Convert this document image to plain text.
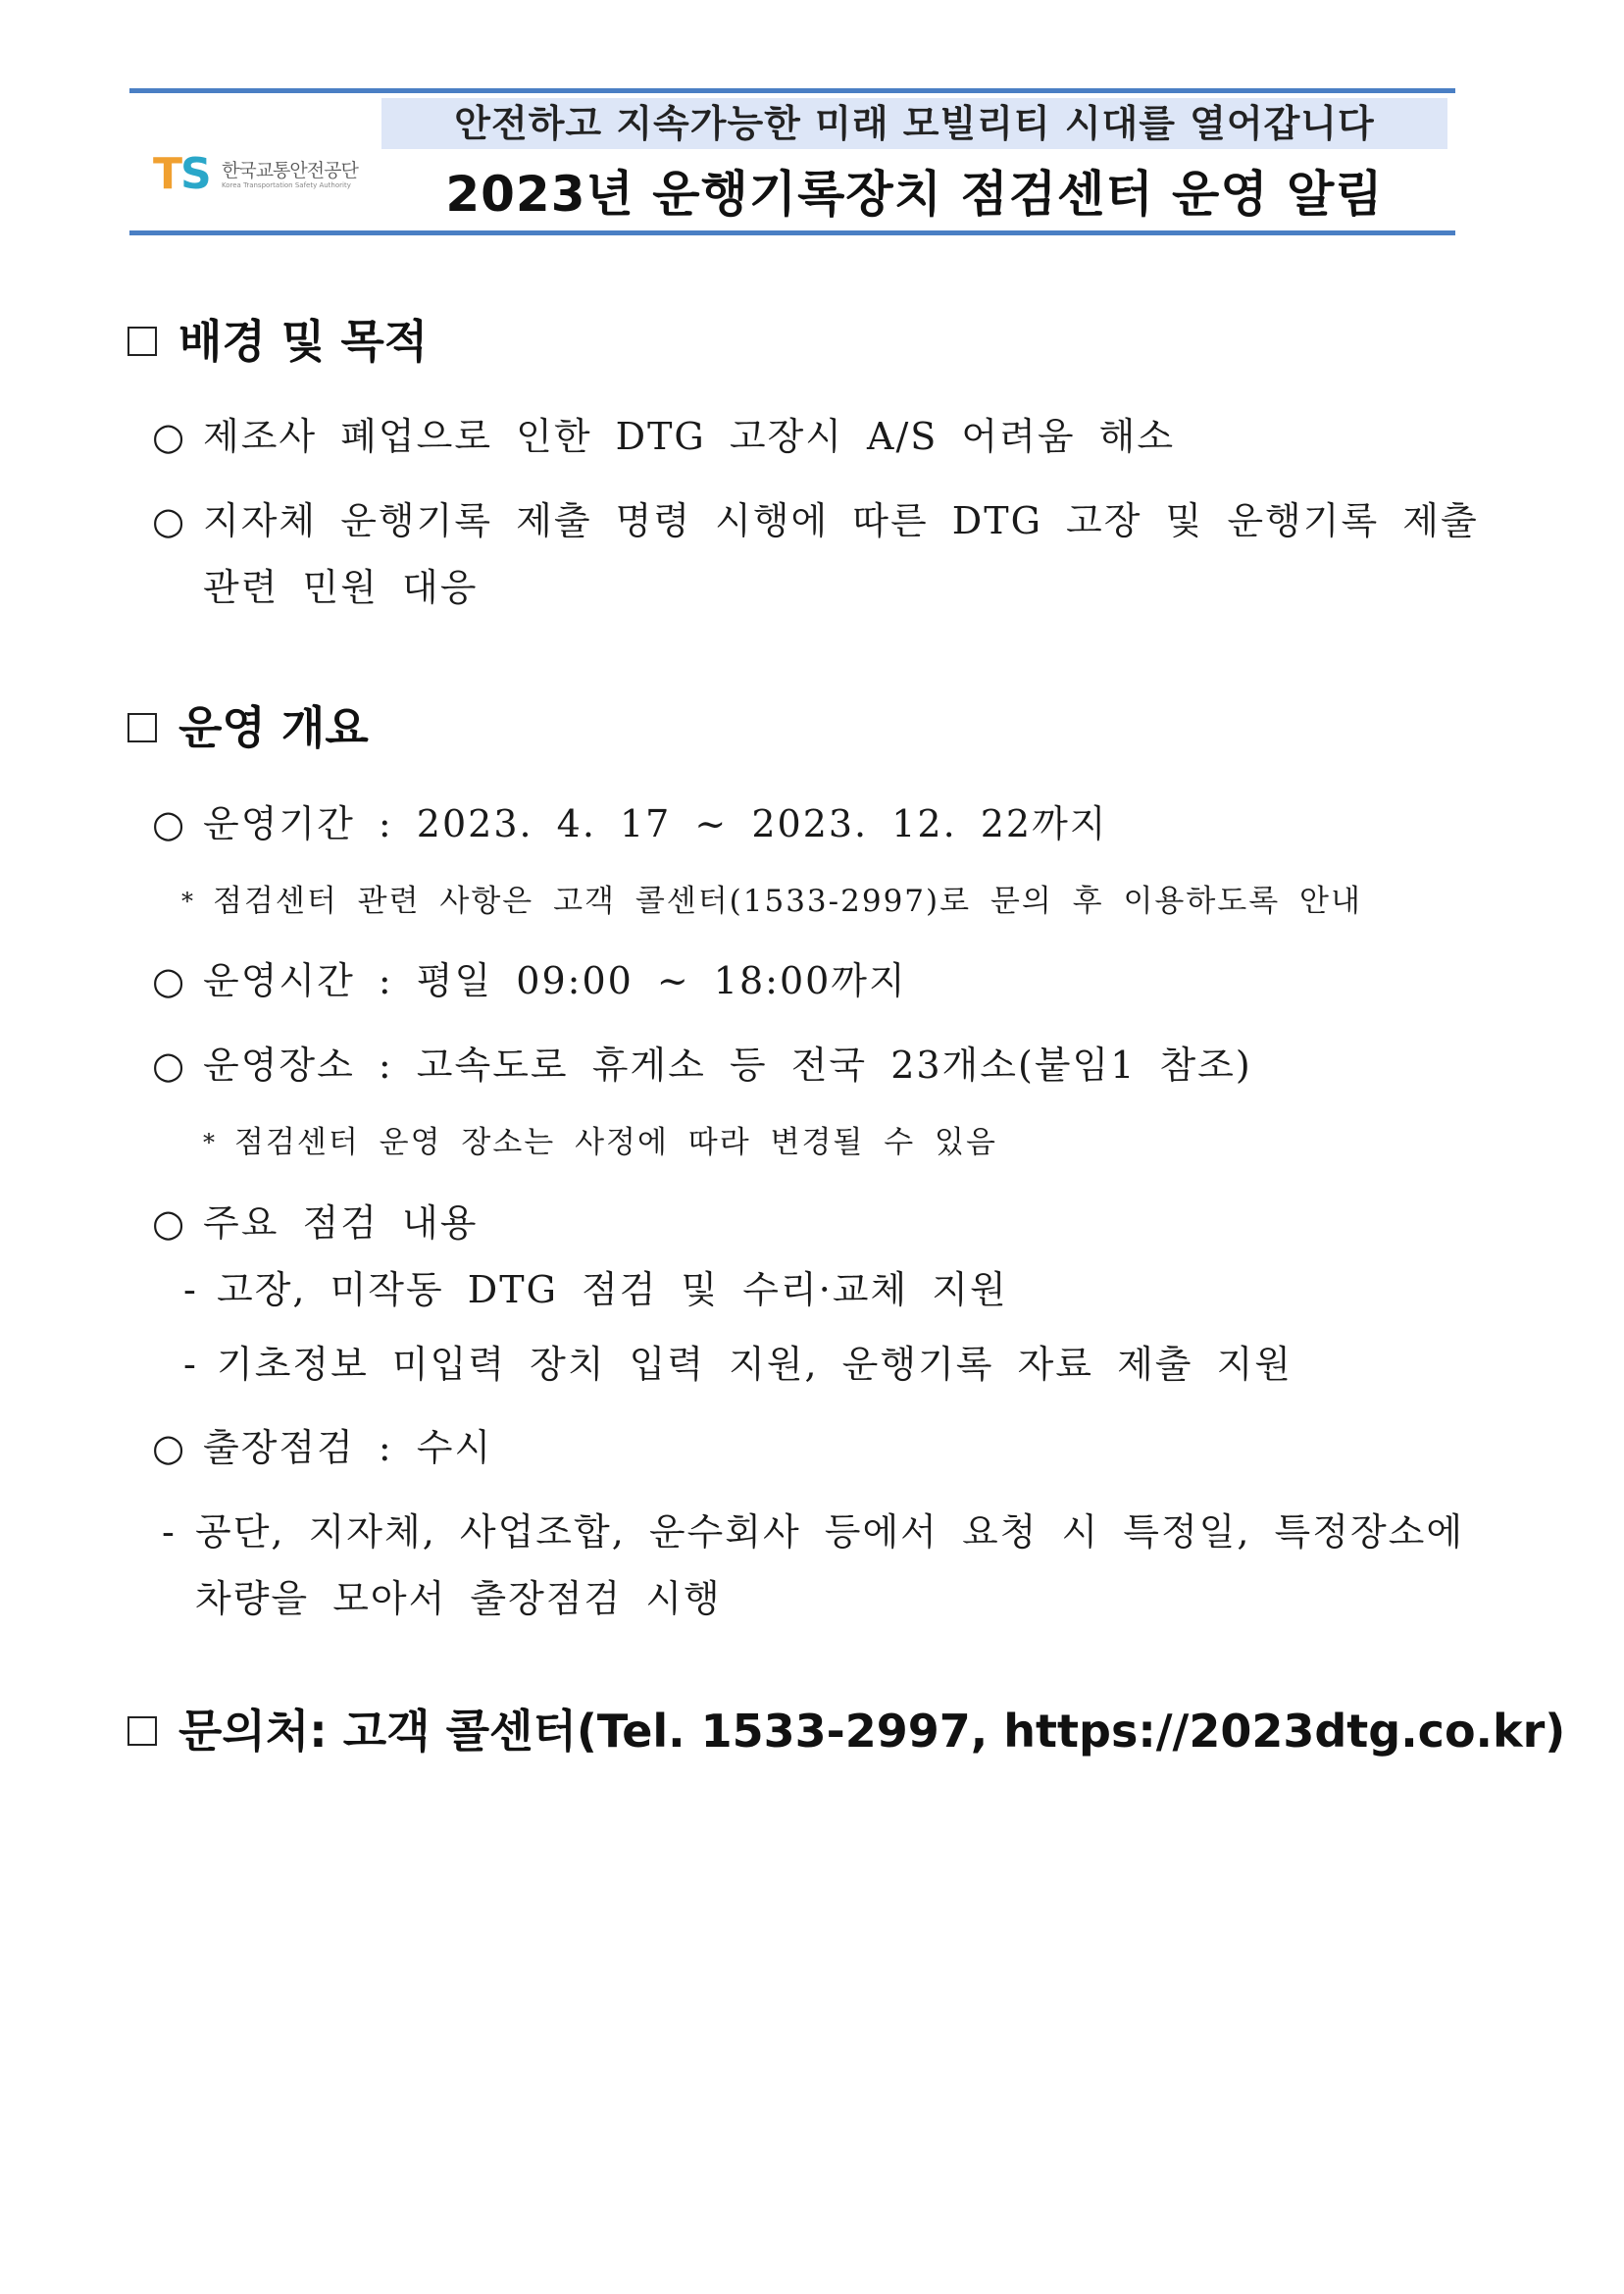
안전하고 지속가능한 미래 모빌리티 시대를 열어갑니다
2023년 운행기록장치 점검센터 운영 알림
TS 한국교통안전공단
Korea Transportation Safety Authority
배경 및 목적
○ 제조사 폐업으로 인한 DTG 고장시 A/S 어려움 해소
○ 지자체 운행기록 제출 명령 시행에 따른 DTG 고장 및 운행기록 제출
관련 민원 대응
운영 개요
○ 운영기간 : 2023. 4. 17 ~ 2023. 12. 22까지
* 점검센터 관련 사항은 고객 콜센터(1533-2997)로 문의 후 이용하도록 안내
○ 운영시간 : 평일 09:00 ~ 18:00까지
○ 운영장소 : 고속도로 휴게소 등 전국 23개소(붙임1 참조)
* 점검센터 운영 장소는 사정에 따라 변경될 수 있음
○ 주요 점검 내용
- 고장, 미작동 DTG 점검 및 수리·교체 지원
- 기초정보 미입력 장치 입력 지원, 운행기록 자료 제출 지원
○ 출장점검 : 수시
- 공단, 지자체, 사업조합, 운수회사 등에서 요청 시 특정일, 특정장소에
차량을 모아서 출장점검 시행
문의처: 고객 콜센터(Tel. 1533-2997, https://2023dtg.co.kr)
